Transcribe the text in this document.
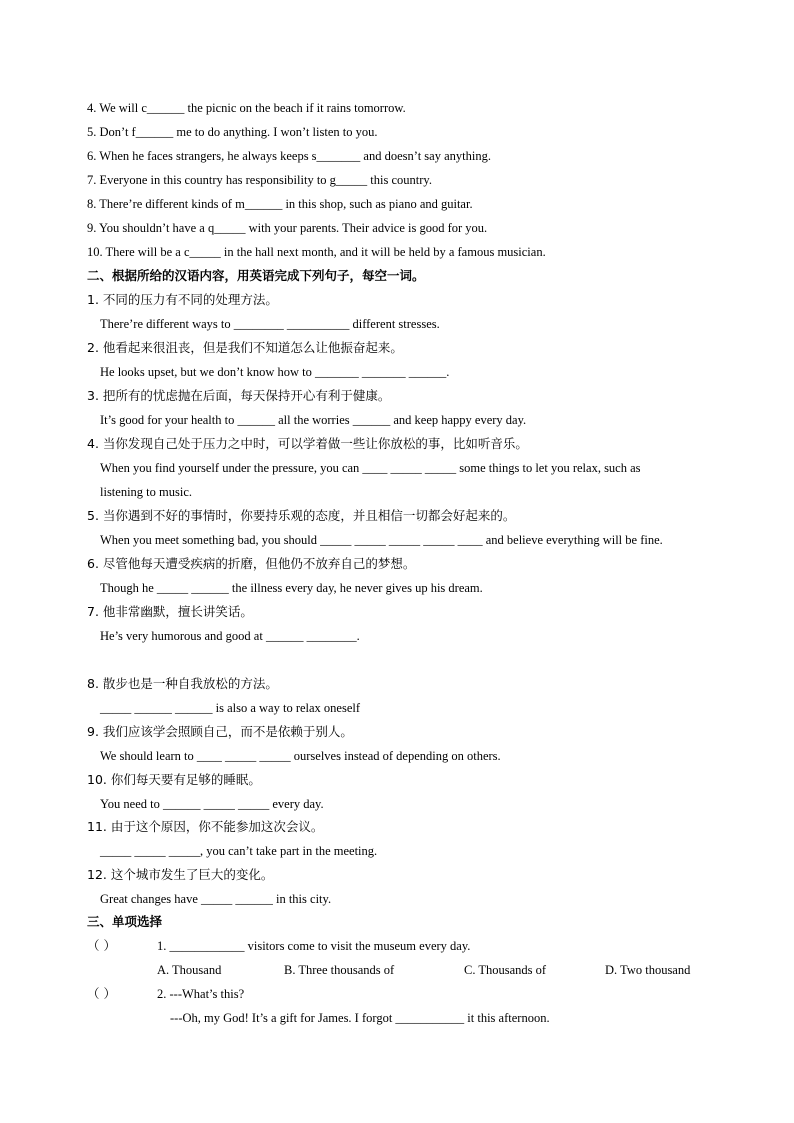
4. We will c______ the picnic on the beach if it rains tomorrow.
5. Don’t f______ me to do anything. I won’t listen to you.
6. When he faces strangers, he always keeps s_______ and doesn’t say anything.
7. Everyone in this country has responsibility to g_____ this country.
8. There’re different kinds of m______ in this shop, such as piano and guitar.
9. You shouldn’t have a q_____ with your parents. Their advice is good for you.
10. There will be a c_____ in the hall next month, and it will be held by a famous musician.
二、根据所给的汉语内容，用英语完成下列句子，每空一词。
1. 不同的压力有不同的处理方法。
There’re different ways to ________ __________ different stresses.
2. 他看起来很沮丧，但是我们不知道怎么让他振奋起来。
He looks upset, but we don’t know how to _______ _______ ______.
3. 把所有的忧虑抛在后面，每天保持开心有利于健康。
It’s good for your health to ______ all the worries ______ and keep happy every day.
4. 当你发现自己处于压力之中时，可以学着做一些让你放松的事，比如听音乐。
When you find yourself under the pressure, you can ____ _____ _____ some things to let you relax, such as
listening to music.
5. 当你遇到不好的事情时，你要持乐观的态度，并且相信一切都会好起来的。
When you meet something bad, you should _____ _____ _____ _____ ____ and believe everything will be fine.
6. 尽管他每天遭受疾病的折磨，但他仍不放弃自己的梦想。
Though he _____ ______ the illness every day, he never gives up his dream.
7. 他非常幽默，擅长讲笑话。
He’s very humorous and good at ______ ________.
8. 散步也是一种自我放松的方法。
_____ ______ ______ is also a way to relax oneself
9. 我们应该学会照顾自己，而不是依赖于别人。
We should learn to ____ _____ _____ ourselves instead of depending on others.
10. 你们每天要有足够的睡眠。
You need to ______ _____ _____ every day.
11. 由于这个原因，你不能参加这次会议。
_____ _____ _____, you can’t take part in the meeting.
12. 这个城市发生了巨大的变化。
Great changes have _____ ______ in this city.
三、单项选择
（ ）	1. ____________ visitors come to visit the museum every day.
A. Thousand	B. Three thousands of	C. Thousands of	D. Two thousand
（ ）	2. ---What’s this?
---Oh, my God! It’s a gift for James. I forgot ___________ it this afternoon.
